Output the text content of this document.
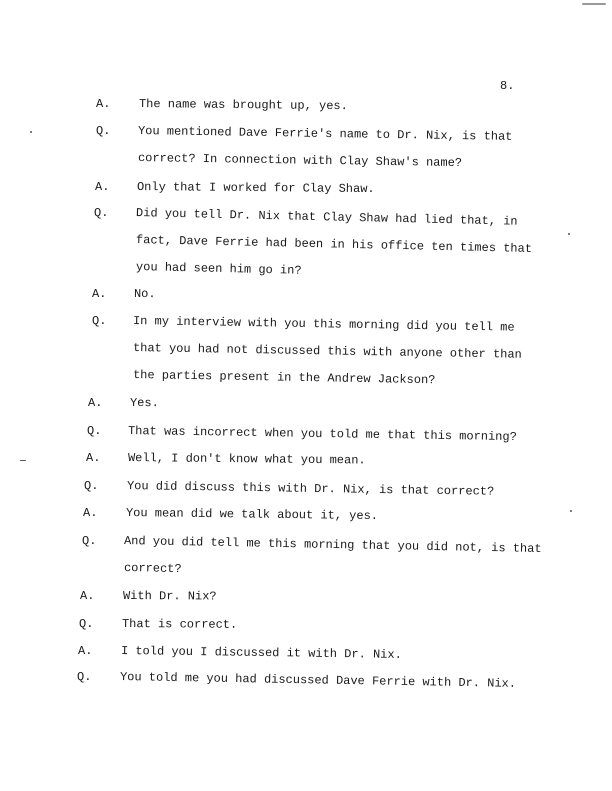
8.
A. The name was brought up, yes.
Q. You mentioned Dave Ferrie's name to Dr. Nix, is that
correct? In connection with Clay Shaw's name?
A. Only that I worked for Clay Shaw.
Q. Did you tell Dr. Nix that Clay Shaw had lied that, in
fact, Dave Ferrie had been in his office ten times that
you had seen him go in?
A. No.
Q. In my interview with you this morning did you tell me
that you had not discussed this with anyone other than
the parties present in the Andrew Jackson?
A. Yes.
Q. That was incorrect when you told me that this morning?
A. Well, I don't know what you mean.
Q. You did discuss this with Dr. Nix, is that correct?
A. You mean did we talk about it, yes.
Q. And you did tell me this morning that you did not, is that
correct?
A. With Dr. Nix?
Q. That is correct.
A. I told you I discussed it with Dr. Nix.
Q. You told me you had discussed Dave Ferrie with Dr. Nix.
